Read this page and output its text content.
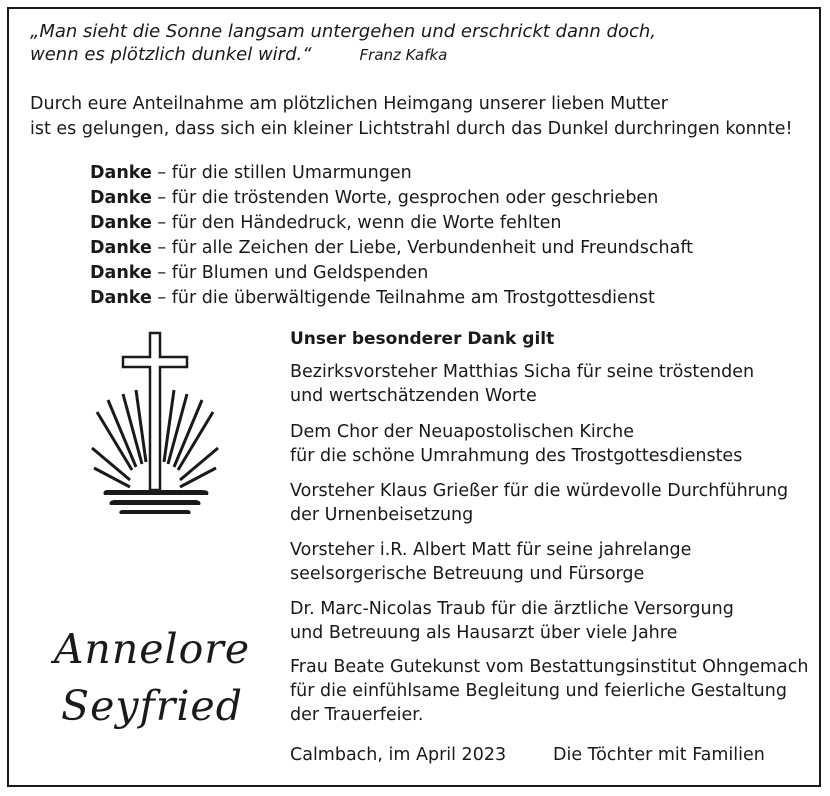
„Man sieht die Sonne langsam untergehen und erschrickt dann doch,
wenn es plötzlich dunkel wird.“	Franz Kafka
Durch eure Anteilnahme am plötzlichen Heimgang unserer lieben Mutter
ist es gelungen, dass sich ein kleiner Lichtstrahl durch das Dunkel durchringen konnte!
Danke – für die stillen Umarmungen
Danke – für die tröstenden Worte, gesprochen oder geschrieben
Danke – für den Händedruck, wenn die Worte fehlten
Danke – für alle Zeichen der Liebe, Verbundenheit und Freundschaft
Danke – für Blumen und Geldspenden
Danke – für die überwältigende Teilnahme am Trostgottesdienst
Unser besonderer Dank gilt
Bezirksvorsteher Matthias Sicha für seine tröstenden
und wertschätzenden Worte
Dem Chor der Neuapostolischen Kirche
für die schöne Umrahmung des Trostgottesdienstes
Vorsteher Klaus Grießer für die würdevolle Durchführung
der Urnenbeisetzung
Vorsteher i.R. Albert Matt für seine jahrelange
seelsorgerische Betreuung und Fürsorge
Dr. Marc-Nicolas Traub für die ärztliche Versorgung
und Betreuung als Hausarzt über viele Jahre
Frau Beate Gutekunst vom Bestattungsinstitut Ohngemach
für die einfühlsame Begleitung und feierliche Gestaltung
der Trauerfeier.
Annelore
Seyfried
Calmbach, im April 2023	Die Töchter mit Familien
